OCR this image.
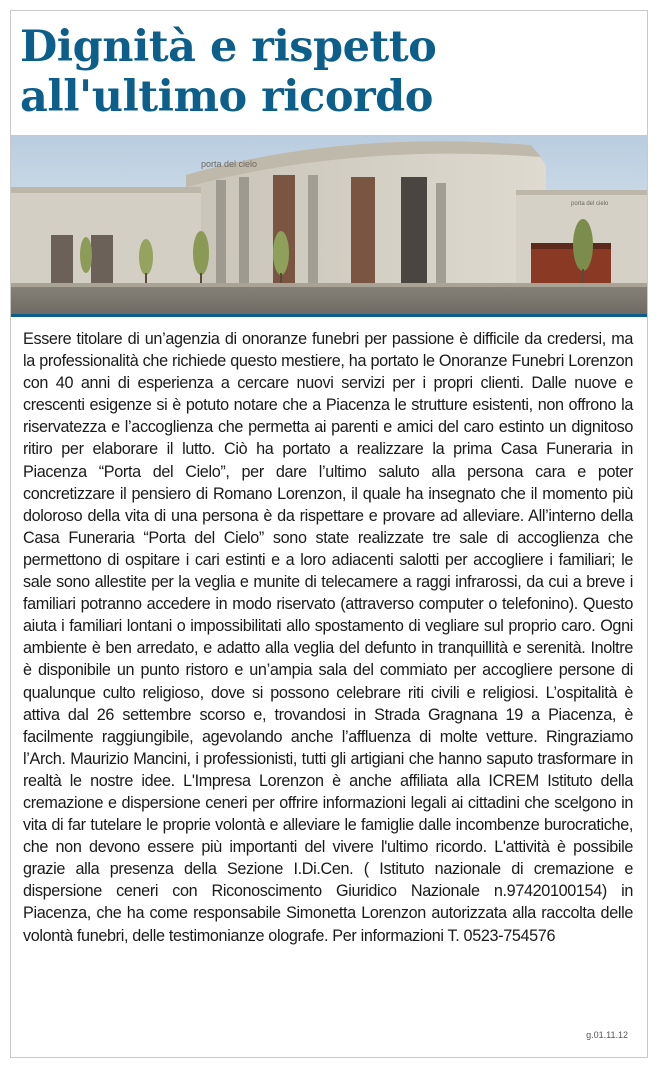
Dignità e rispetto all'ultimo ricordo
porta del cielo
porta del cielo

Essere titolare di un’agenzia di onoranze funebri per passione è difficile da credersi, ma la professionalità che richiede questo mestiere, ha portato le Onoranze Funebri Lorenzon con 40 anni di esperienza a cercare nuovi servizi per i propri clienti. Dalle nuove e crescenti esigenze si è potuto notare che a Piacenza le strutture esistenti, non offrono la riservatezza e l’accoglienza che permetta ai parenti e amici del caro estinto un dignitoso ritiro per elaborare il lutto. Ciò ha portato a realizzare la prima Casa Funeraria in Piacenza “Porta del Cielo”, per dare l’ultimo saluto alla persona cara e poter concretizzare il pensiero di Romano Lorenzon, il quale ha insegnato che il momento più doloroso della vita di una persona è da rispettare e provare ad alleviare. All’interno della Casa Funeraria “Porta del Cielo” sono state realizzate tre sale di accoglienza che permettono di ospitare i cari estinti e a loro adiacenti salotti per accogliere i familiari; le sale sono allestite per la veglia e munite di telecamere a raggi infrarossi, da cui a breve i familiari potranno accedere in modo riservato (attraverso computer o telefonino). Questo aiuta i familiari lontani o impossibilitati allo spostamento di vegliare sul proprio caro. Ogni ambiente è ben arredato, e adatto alla veglia del defunto in tranquillità e serenità. Inoltre è disponibile un punto ristoro e un’ampia sala del commiato per accogliere persone di qualunque culto religioso, dove si possono celebrare riti civili e religiosi. L’ospitalità è attiva dal 26 settembre scorso e, trovandosi in Strada Gragnana 19 a Piacenza, è facilmente raggiungibile, agevolando anche l’affluenza di molte vetture. Ringraziamo l’Arch. Maurizio Mancini, i professionisti, tutti gli artigiani che hanno saputo trasformare in realtà le nostre idee. L'Impresa Lorenzon è anche affiliata alla ICREM Istituto della cremazione e dispersione ceneri per offrire informazioni legali ai cittadini che scelgono in vita di far tutelare le proprie volontà e alleviare le famiglie dalle incombenze burocratiche, che non devono essere più importanti del vivere l'ultimo ricordo. L'attività è possibile grazie alla presenza della Sezione I.Di.Cen. ( Istituto nazionale di cremazione e dispersione ceneri con Riconoscimento Giuridico Nazionale n.97420100154) in Piacenza, che ha come responsabile Simonetta Lorenzon autorizzata alla raccolta delle volontà funebri, delle testimonianze olografe. Per informazioni T. 0523-754576

g.01.11.12
